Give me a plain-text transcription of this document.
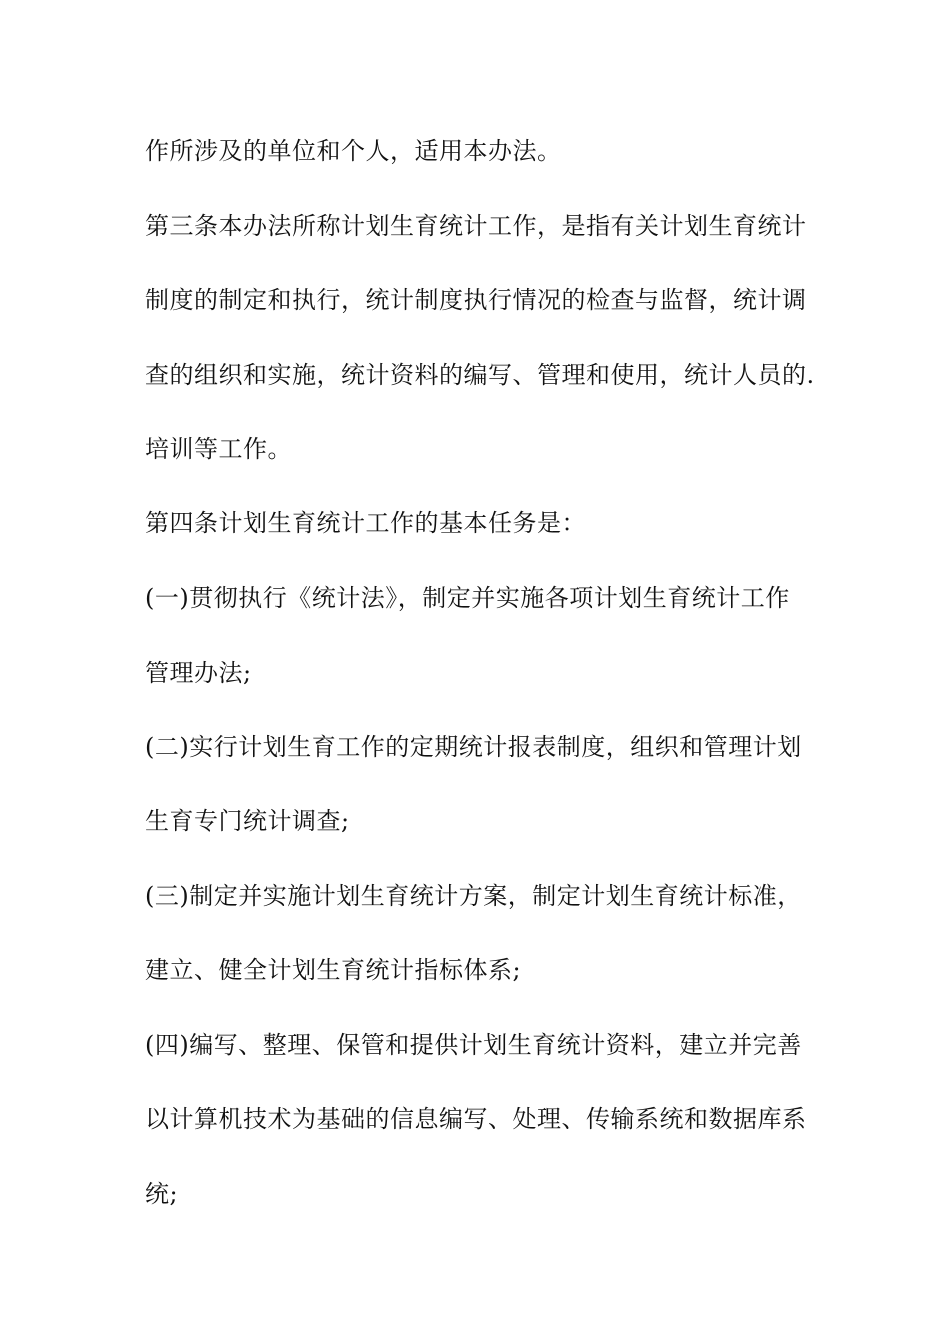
作所涉及的单位和个人，适用本办法。
第三条本办法所称计划生育统计工作，是指有关计划生育统计
制度的制定和执行，统计制度执行情况的检查与监督，统计调
查的组织和实施，统计资料的编写、管理和使用，统计人员的.
培训等工作。
第四条计划生育统计工作的基本任务是：
(一)贯彻执行《统计法》，制定并实施各项计划生育统计工作
管理办法;
(二)实行计划生育工作的定期统计报表制度，组织和管理计划
生育专门统计调查;
(三)制定并实施计划生育统计方案，制定计划生育统计标准，
建立、健全计划生育统计指标体系;
(四)编写、整理、保管和提供计划生育统计资料，建立并完善
以计算机技术为基础的信息编写、处理、传输系统和数据库系
统;
